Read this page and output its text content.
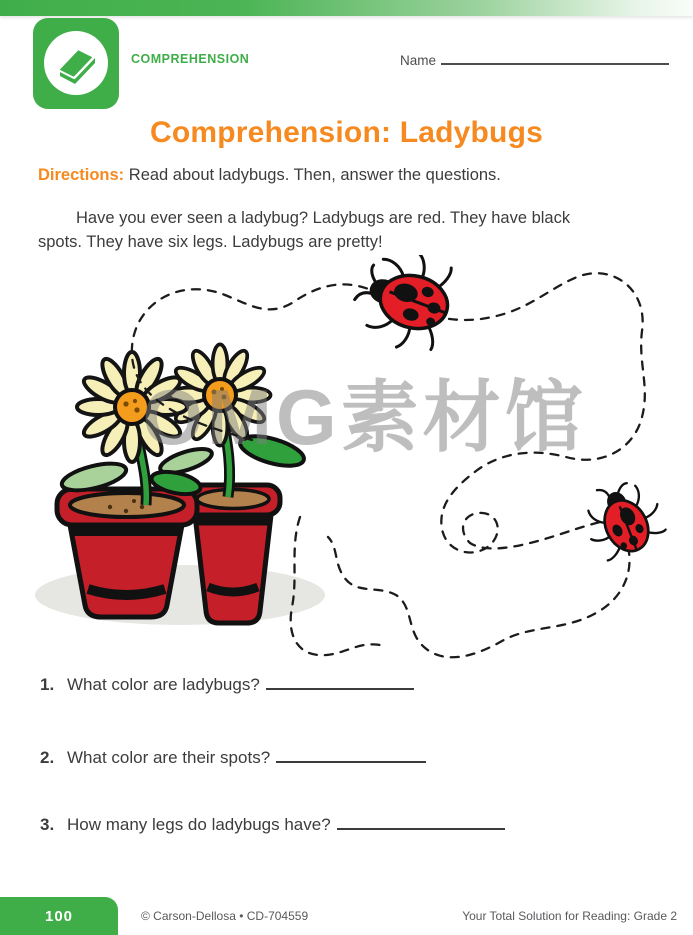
COMPREHENSION	Name
Comprehension: Ladybugs
Directions: Read about ladybugs. Then, answer the questions.
Have you ever seen a ladybug? Ladybugs are red. They have black
spots. They have six legs. Ladybugs are pretty!
OMG素材馆
1. What color are ladybugs?
2. What color are their spots?
3. How many legs do ladybugs have?
100	© Carson-Dellosa • CD-704559	Your Total Solution for Reading: Grade 2
